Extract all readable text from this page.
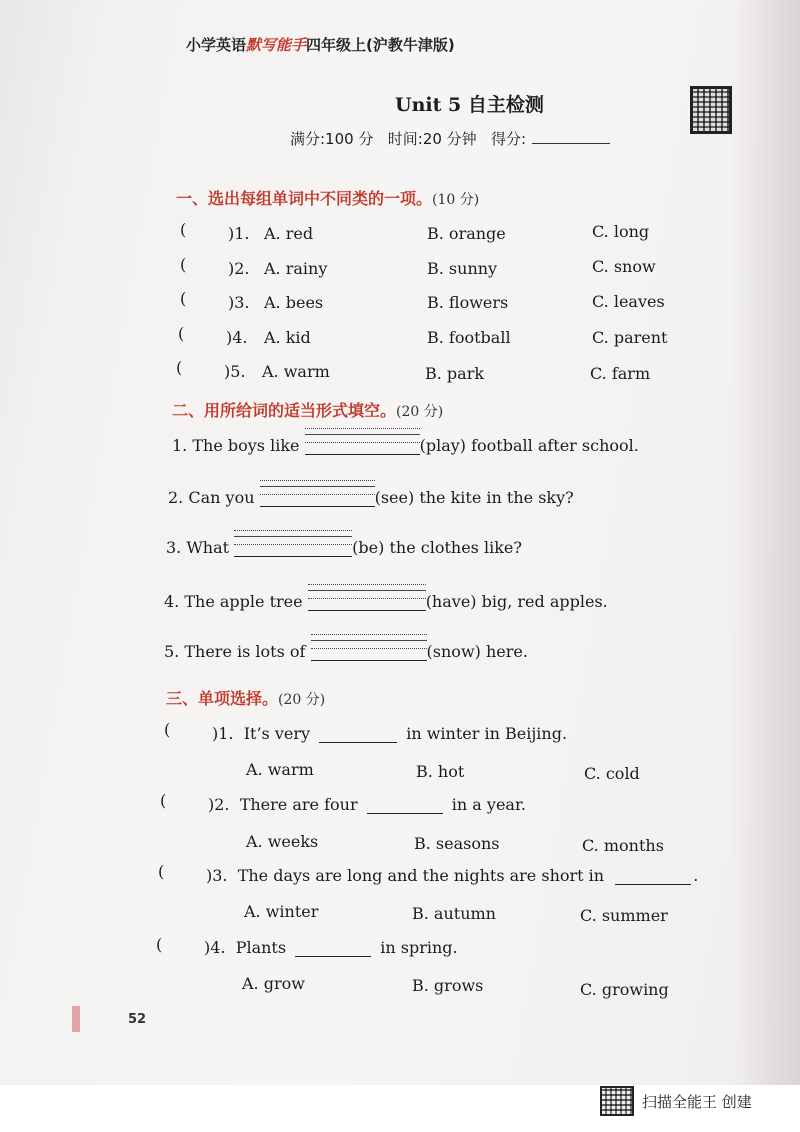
小学英语默写能手四年级上(沪教牛津版)
Unit 5 自主检测
满分:100 分 时间:20 分钟 得分:
一、选出每组单词中不同类的一项。(10 分)
(	)1. A. red	B. orange	C. long
(	)2. A. rainy	B. sunny	C. snow
(	)3. A. bees	B. flowers	C. leaves
(	)4. A. kid	B. football	C. parent
(	)5. A. warm	B. park	C. farm
二、用所给词的适当形式填空。(20 分)
1. The boys like	(play) football after school.
2. Can you	(see) the kite in the sky?
3. What	(be) the clothes like?
4. The apple tree	(have) big, red apples.
5. There is lots of	(snow) here.
三、单项选择。(20 分)
(	)1. It’s very	in winter in Beijing.
A. warm	B. hot	C. cold
(	)2. There are four	in a year.
A. weeks	B. seasons	C. months
(	)3. The days are long and the nights are short in	.
A. winter	B. autumn	C. summer
(	)4. Plants	in spring.
A. grow	B. grows	C. growing
52
扫描全能王 创建
